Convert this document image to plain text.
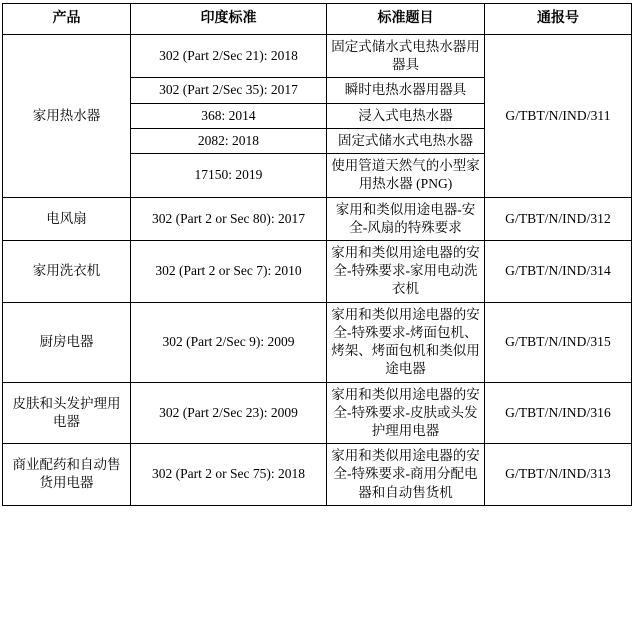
产品	印度标准	标准题目	通报号
家用热水器	302 (Part 2/Sec 21): 2018	固定式储水式电热水器用器具	G/TBT/N/IND/311
	302 (Part 2/Sec 35): 2017	瞬时电热水器用器具	
	368: 2014	浸入式电热水器	
	2082: 2018	固定式储水式电热水器	
	17150: 2019	使用管道天然气的小型家用热水器 (PNG)	
电风扇	302 (Part 2 or Sec 80): 2017	家用和类似用途电器-安全-风扇的特殊要求	G/TBT/N/IND/312
家用洗衣机	302 (Part 2 or Sec 7): 2010	家用和类似用途电器的安全-特殊要求-家用电动洗衣机	G/TBT/N/IND/314
厨房电器	302 (Part 2/Sec 9): 2009	家用和类似用途电器的安全-特殊要求-烤面包机、烤架、烤面包机和类似用途电器	G/TBT/N/IND/315
皮肤和头发护理用电器	302 (Part 2/Sec 23): 2009	家用和类似用途电器的安全-特殊要求-皮肤或头发护理用电器	G/TBT/N/IND/316
商业配药和自动售货用电器	302 (Part 2 or Sec 75): 2018	家用和类似用途电器的安全-特殊要求-商用分配电器和自动售货机	G/TBT/N/IND/313
